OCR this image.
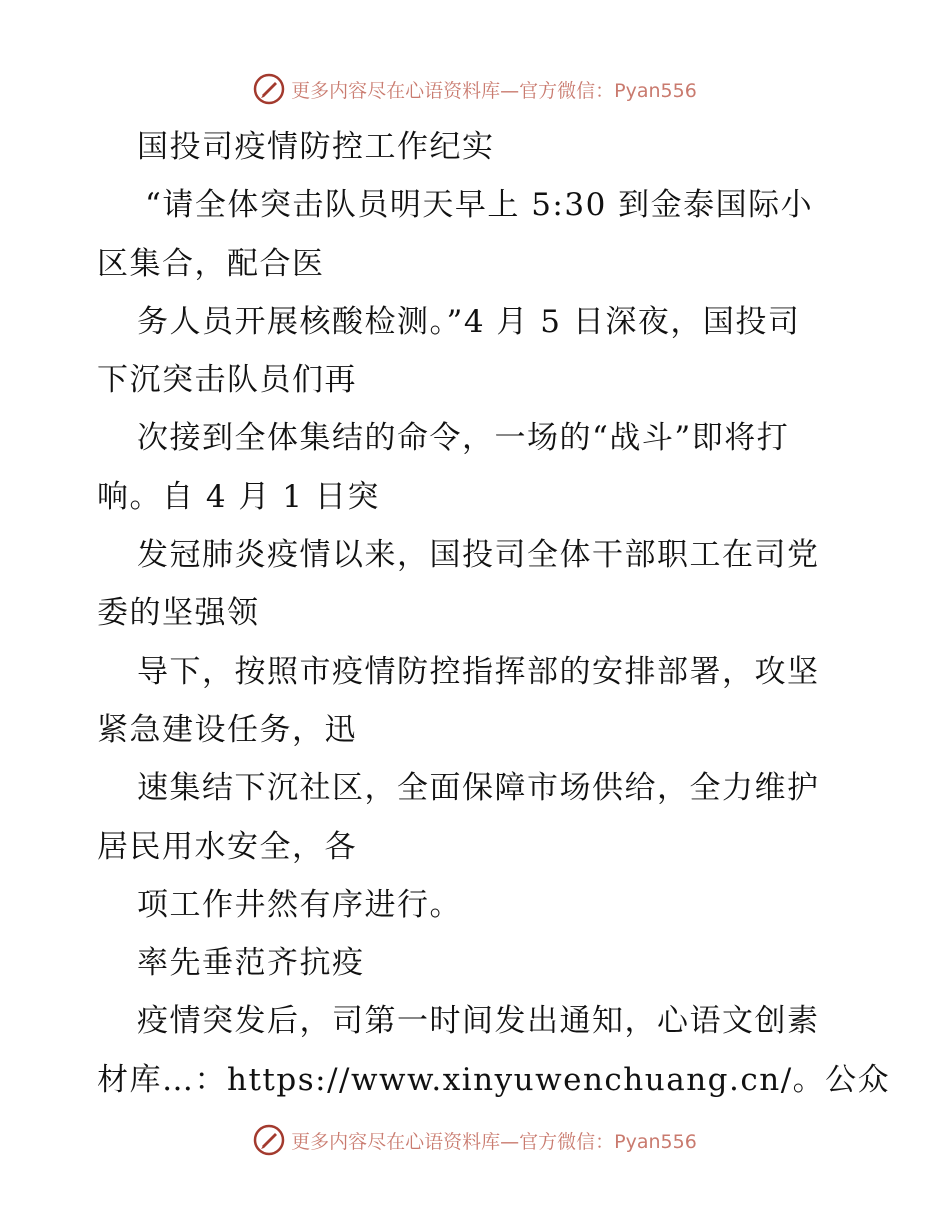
更多内容尽在心语资料库—官方微信：Pyan556
国投司疫情防控工作纪实
“请全体突击队员明天早上 5:30 到金泰国际小
区集合，配合医
务人员开展核酸检测。”4 月 5 日深夜，国投司
下沉突击队员们再
次接到全体集结的命令，一场的“战斗”即将打
响。自 4 月 1 日突
发冠肺炎疫情以来，国投司全体干部职工在司党
委的坚强领
导下，按照市疫情防控指挥部的安排部署，攻坚
紧急建设任务，迅
速集结下沉社区，全面保障市场供给，全力维护
居民用水安全，各
项工作井然有序进行。
率先垂范齐抗疫
疫情突发后，司第一时间发出通知，心语文创素
材库…：https://www.xinyuwenchuang.cn/。公众
更多内容尽在心语资料库—官方微信：Pyan556
